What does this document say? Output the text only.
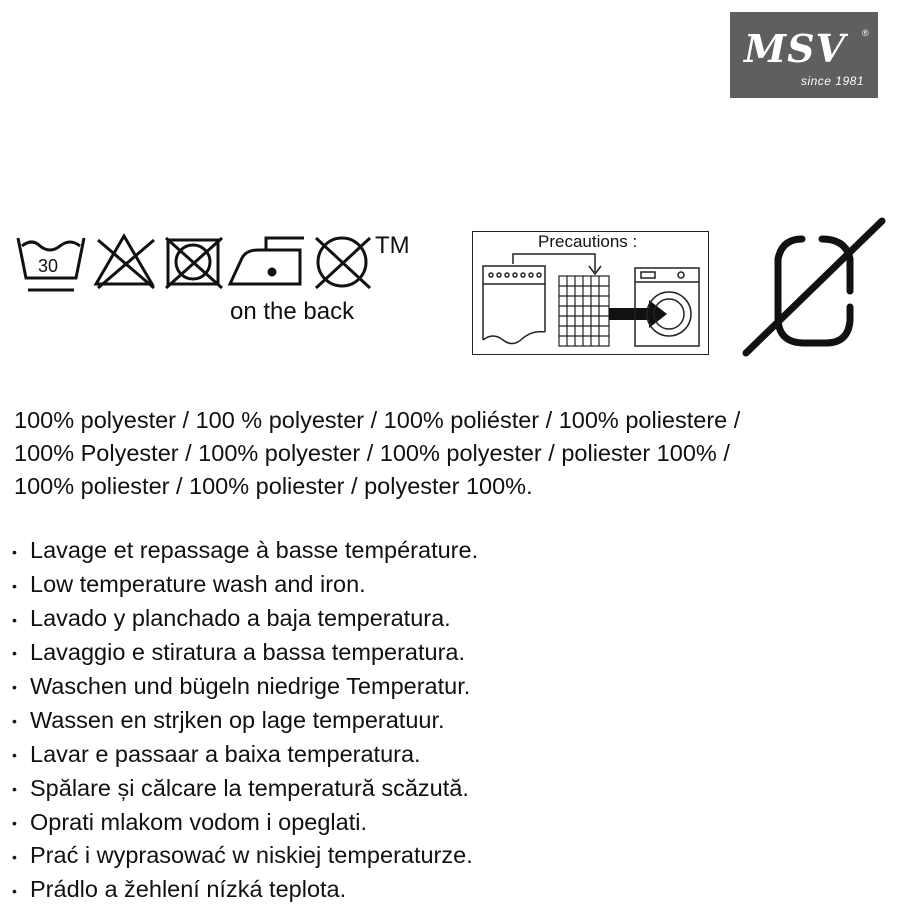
MSV ®
since 1981
30
TM
on the back
Precautions :
100% polyester / 100 % polyester / 100% poliéster / 100% poliestere /
100% Polyester / 100% polyester / 100% polyester / poliester 100% /
100% poliester / 100% poliester / polyester 100%.
• Lavage et repassage à basse température.
• Low temperature wash and iron.
• Lavado y planchado a baja temperatura.
• Lavaggio e stiratura a bassa temperatura.
• Waschen und bügeln niedrige Temperatur.
• Wassen en strjken op lage temperatuur.
• Lavar e passaar a baixa temperatura.
• Spălare și călcare la temperatură scăzută.
• Oprati mlakom vodom i opeglati.
• Prać i wyprasować w niskiej temperaturze.
• Prádlo a žehlení nízká teplota.
